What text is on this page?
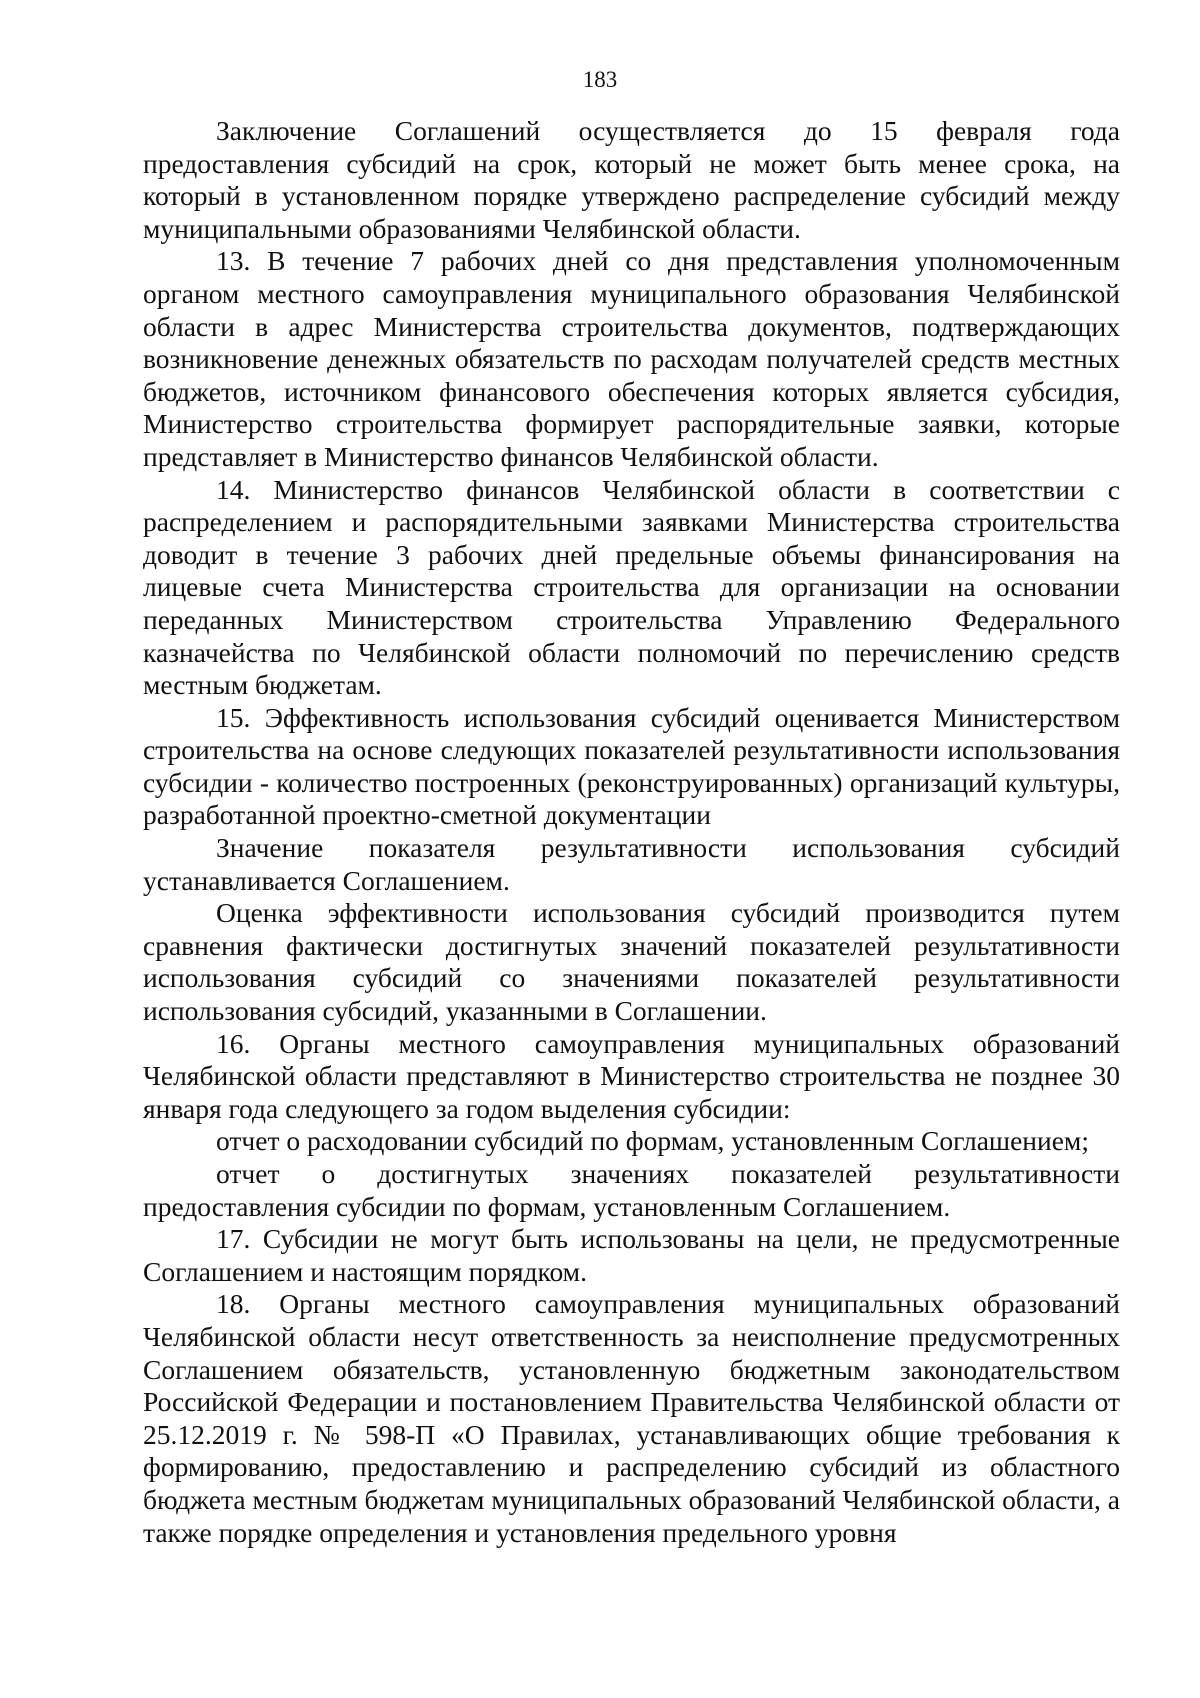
183

Заключение Соглашений осуществляется до 15 февраля года предоставления субсидий на срок, который не может быть менее срока, на который в установленном порядке утверждено распределение субсидий между муниципальными образованиями Челябинской области.

13. В течение 7 рабочих дней со дня представления уполномоченным органом местного самоуправления муниципального образования Челябинской области в адрес Министерства строительства документов, подтверждающих возникновение денежных обязательств по расходам получателей средств местных бюджетов, источником финансового обеспечения которых является субсидия, Министерство строительства формирует распорядительные заявки, которые представляет в Министерство финансов Челябинской области.

14. Министерство финансов Челябинской области в соответствии с распределением и распорядительными заявками Министерства строительства доводит в течение 3 рабочих дней предельные объемы финансирования на лицевые счета Министерства строительства для организации на основании переданных Министерством строительства Управлению Федерального казначейства по Челябинской области полномочий по перечислению средств местным бюджетам.

15. Эффективность использования субсидий оценивается Министерством строительства на основе следующих показателей результативности использования субсидии - количество построенных (реконструированных) организаций культуры, разработанной проектно-сметной документации

Значение показателя результативности использования субсидий устанавливается Соглашением.

Оценка эффективности использования субсидий производится путем сравнения фактически достигнутых значений показателей результативности использования субсидий со значениями показателей результативности использования субсидий, указанными в Соглашении.

16. Органы местного самоуправления муниципальных образований Челябинской области представляют в Министерство строительства не позднее 30 января года следующего за годом выделения субсидии:

отчет о расходовании субсидий по формам, установленным Соглашением;

отчет о достигнутых значениях показателей результативности предоставления субсидии по формам, установленным Соглашением.

17. Субсидии не могут быть использованы на цели, не предусмотренные Соглашением и настоящим порядком.

18. Органы местного самоуправления муниципальных образований Челябинской области несут ответственность за неисполнение предусмотренных Соглашением обязательств, установленную бюджетным законодательством Российской Федерации и постановлением Правительства Челябинской области от 25.12.2019 г. № 598-П «О Правилах, устанавливающих общие требования к формированию, предоставлению и распределению субсидий из областного бюджета местным бюджетам муниципальных образований Челябинской области, а также порядке определения и установления предельного уровня
